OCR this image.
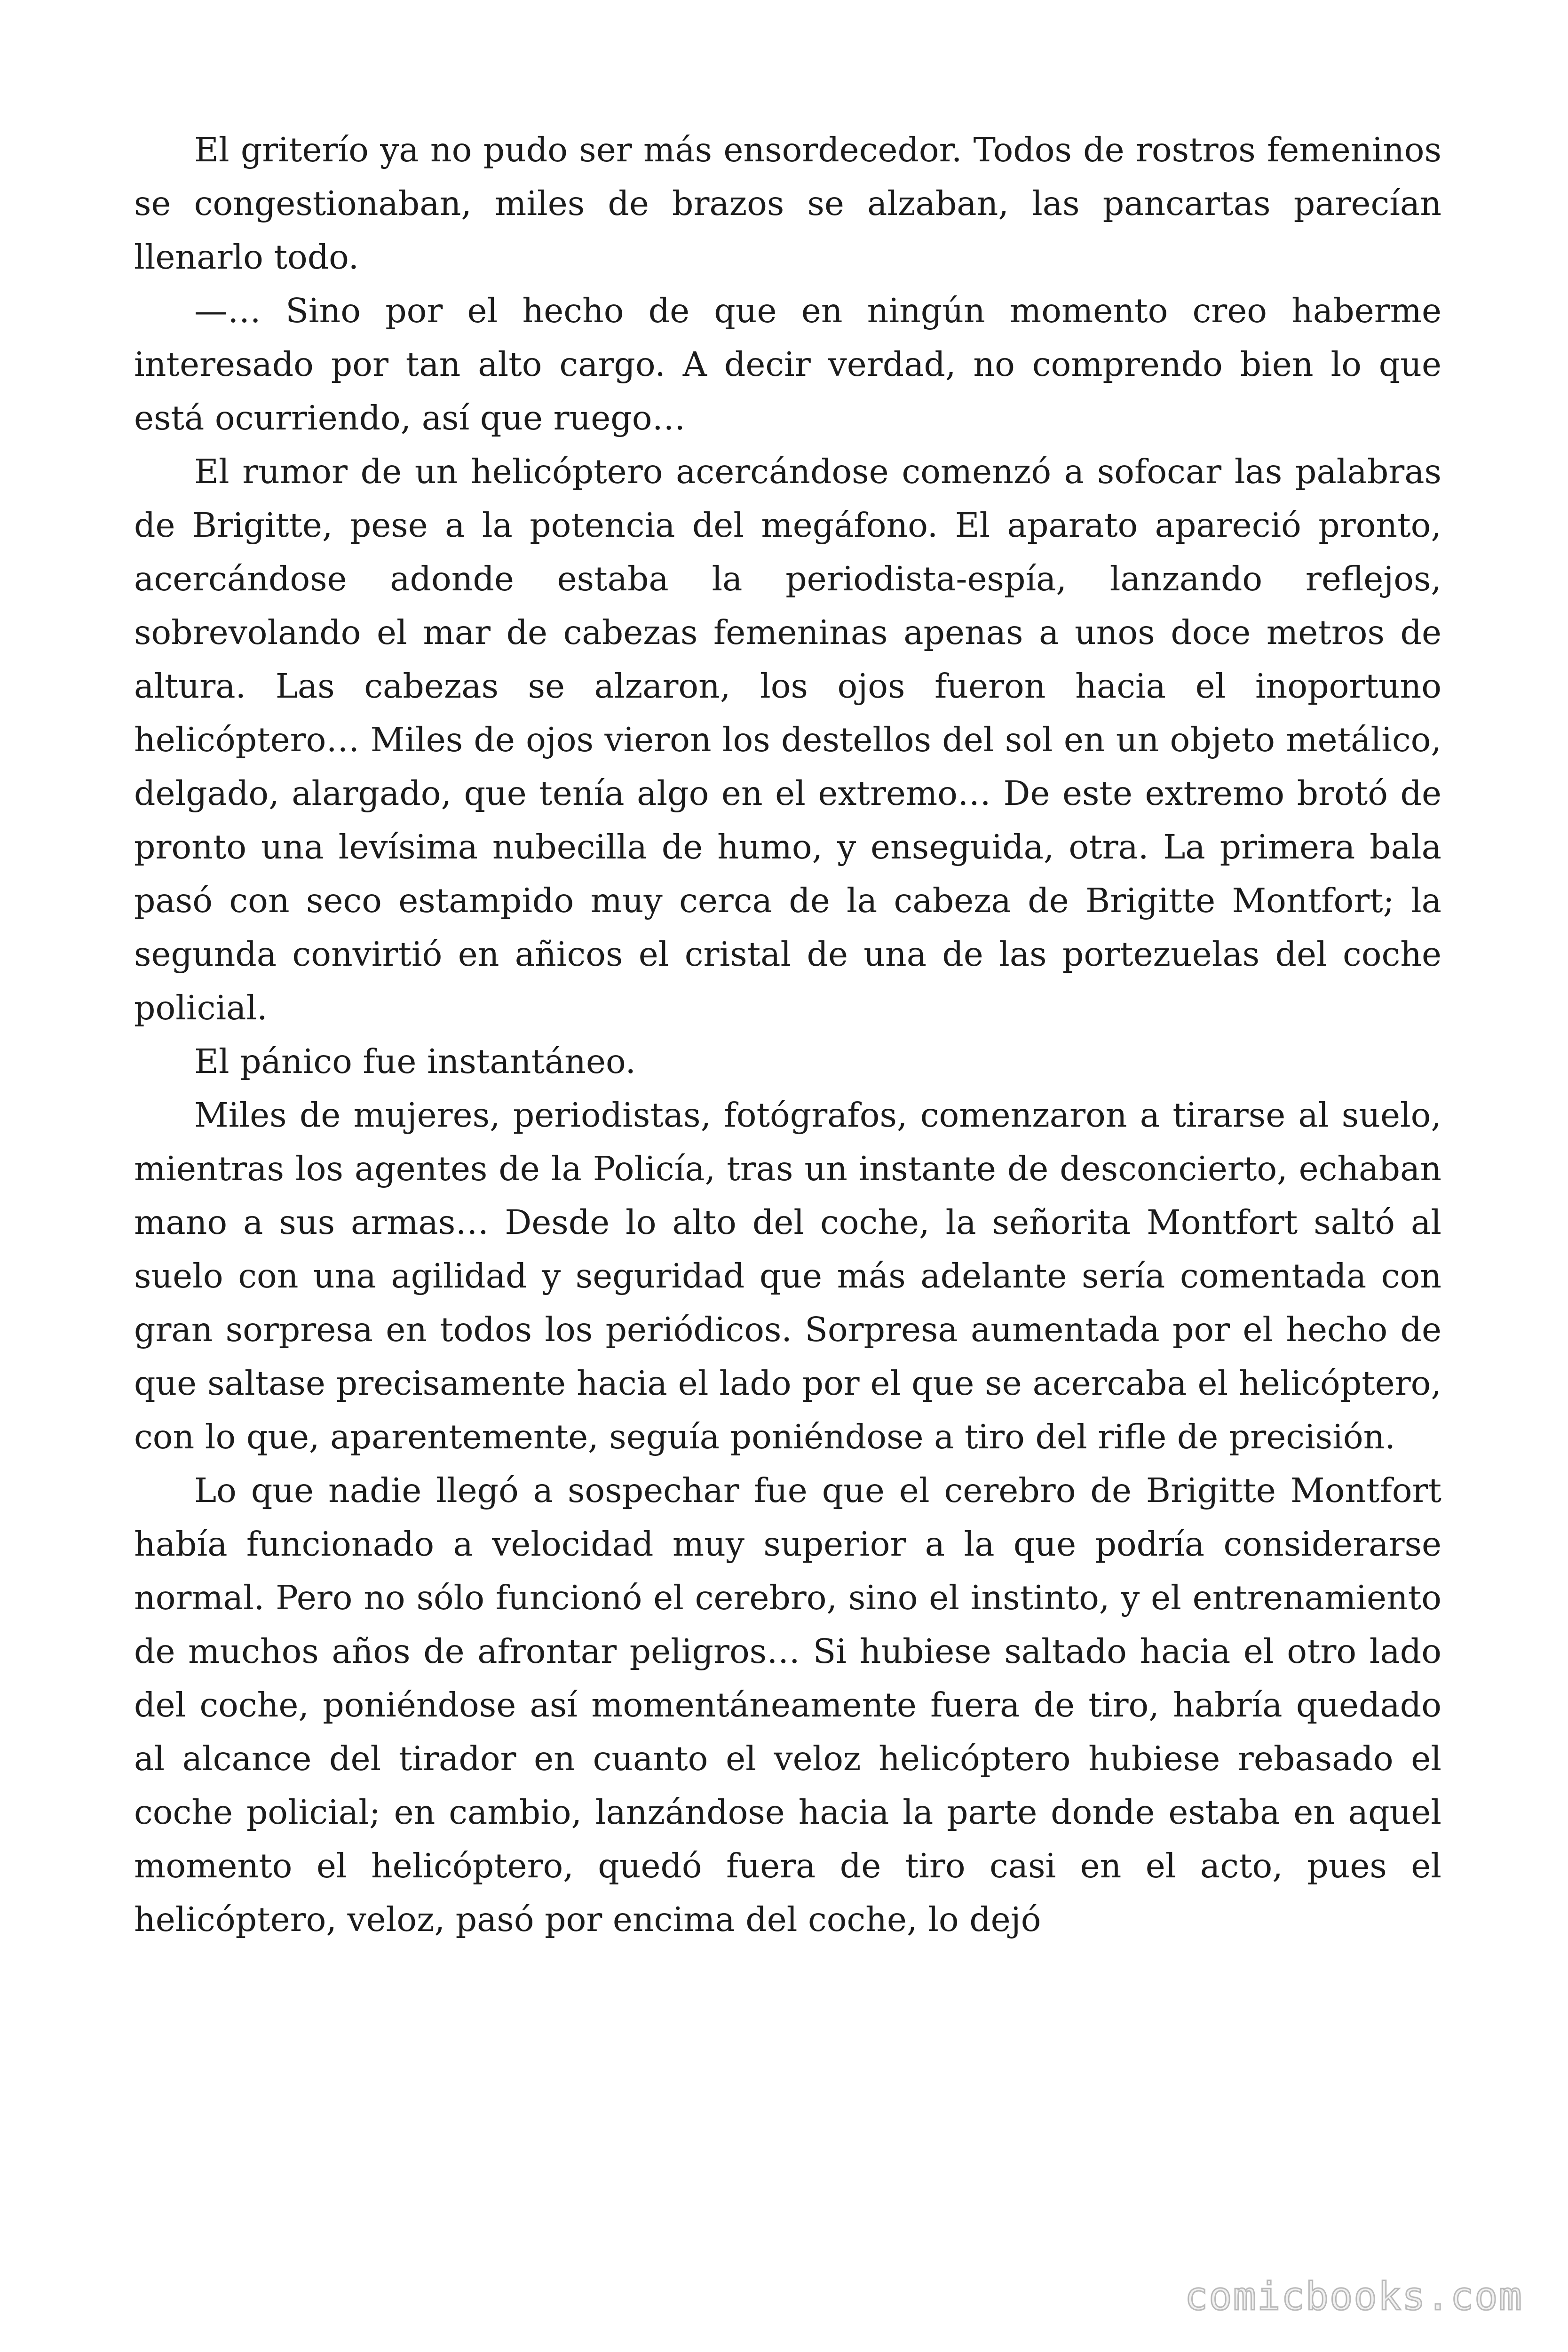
El griterío ya no pudo ser más ensordecedor. Todos de rostros femeninos se congestionaban, miles de brazos se alzaban, las pancartas parecían llenarlo todo.

—… Sino por el hecho de que en ningún momento creo haberme interesado por tan alto cargo. A decir verdad, no comprendo bien lo que está ocurriendo, así que ruego…

El rumor de un helicóptero acercándose comenzó a sofocar las palabras de Brigitte, pese a la potencia del megáfono. El aparato apareció pronto, acercándose adonde estaba la periodista-espía, lanzando reflejos, sobrevolando el mar de cabezas femeninas apenas a unos doce metros de altura. Las cabezas se alzaron, los ojos fueron hacia el inoportuno helicóptero… Miles de ojos vieron los destellos del sol en un objeto metálico, delgado, alargado, que tenía algo en el extremo… De este extremo brotó de pronto una levísima nubecilla de humo, y enseguida, otra. La primera bala pasó con seco estampido muy cerca de la cabeza de Brigitte Montfort; la segunda convirtió en añicos el cristal de una de las portezuelas del coche policial.

El pánico fue instantáneo.

Miles de mujeres, periodistas, fotógrafos, comenzaron a tirarse al suelo, mientras los agentes de la Policía, tras un instante de desconcierto, echaban mano a sus armas… Desde lo alto del coche, la señorita Montfort saltó al suelo con una agilidad y seguridad que más adelante sería comentada con gran sorpresa en todos los periódicos. Sorpresa aumentada por el hecho de que saltase precisamente hacia el lado por el que se acercaba el helicóptero, con lo que, aparentemente, seguía poniéndose a tiro del rifle de precisión.

Lo que nadie llegó a sospechar fue que el cerebro de Brigitte Montfort había funcionado a velocidad muy superior a la que podría considerarse normal. Pero no sólo funcionó el cerebro, sino el instinto, y el entrenamiento de muchos años de afrontar peligros… Si hubiese saltado hacia el otro lado del coche, poniéndose así momentáneamente fuera de tiro, habría quedado al alcance del tirador en cuanto el veloz helicóptero hubiese rebasado el coche policial; en cambio, lanzándose hacia la parte donde estaba en aquel momento el helicóptero, quedó fuera de tiro casi en el acto, pues el helicóptero, veloz, pasó por encima del coche, lo dejó

comicbooks.com
